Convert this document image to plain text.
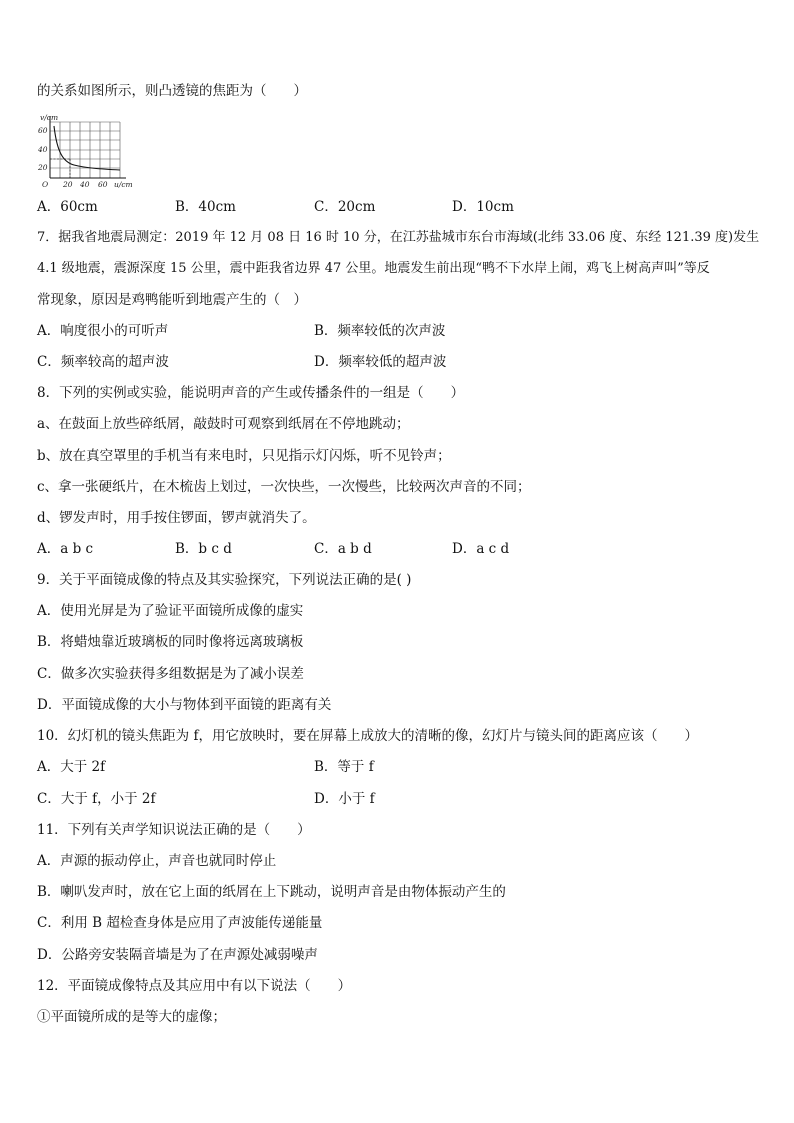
的关系如图所示，则凸透镜的焦距为（　　）
v/cm
60
40
20
O 20 40 60 u/cm
A．60cm	B．40cm	C．20cm	D．10cm
7．据我省地震局测定：2019 年 12 月 08 日 16 时 10 分，在江苏盐城市东台市海域(北纬 33.06 度、东经 121.39 度)发生
4.1 级地震，震源深度 15 公里，震中距我省边界 47 公里。地震发生前出现“鸭不下水岸上闹，鸡飞上树高声叫”等反
常现象，原因是鸡鸭能听到地震产生的（　）
A．响度很小的可听声	B．频率较低的次声波
C．频率较高的超声波	D．频率较低的超声波
8．下列的实例或实验，能说明声音的产生或传播条件的一组是（　　）
a、在鼓面上放些碎纸屑，敲鼓时可观察到纸屑在不停地跳动；
b、放在真空罩里的手机当有来电时，只见指示灯闪烁，听不见铃声；
c、拿一张硬纸片，在木梳齿上划过，一次快些，一次慢些，比较两次声音的不同；
d、锣发声时，用手按住锣面，锣声就消失了。
A．a b c	B．b c d	C．a b d	D．a c d
9．关于平面镜成像的特点及其实验探究，下列说法正确的是( )
A．使用光屏是为了验证平面镜所成像的虚实
B．将蜡烛靠近玻璃板的同时像将远离玻璃板
C．做多次实验获得多组数据是为了减小误差
D．平面镜成像的大小与物体到平面镜的距离有关
10．幻灯机的镜头焦距为 f，用它放映时，要在屏幕上成放大的清晰的像，幻灯片与镜头间的距离应该（　　）
A．大于 2f	B．等于 f
C．大于 f，小于 2f	D．小于 f
11．下列有关声学知识说法正确的是（　　）
A．声源的振动停止，声音也就同时停止
B．喇叭发声时，放在它上面的纸屑在上下跳动，说明声音是由物体振动产生的
C．利用 B 超检查身体是应用了声波能传递能量
D．公路旁安装隔音墙是为了在声源处减弱噪声
12．平面镜成像特点及其应用中有以下说法（　　）
①平面镜所成的是等大的虚像；
